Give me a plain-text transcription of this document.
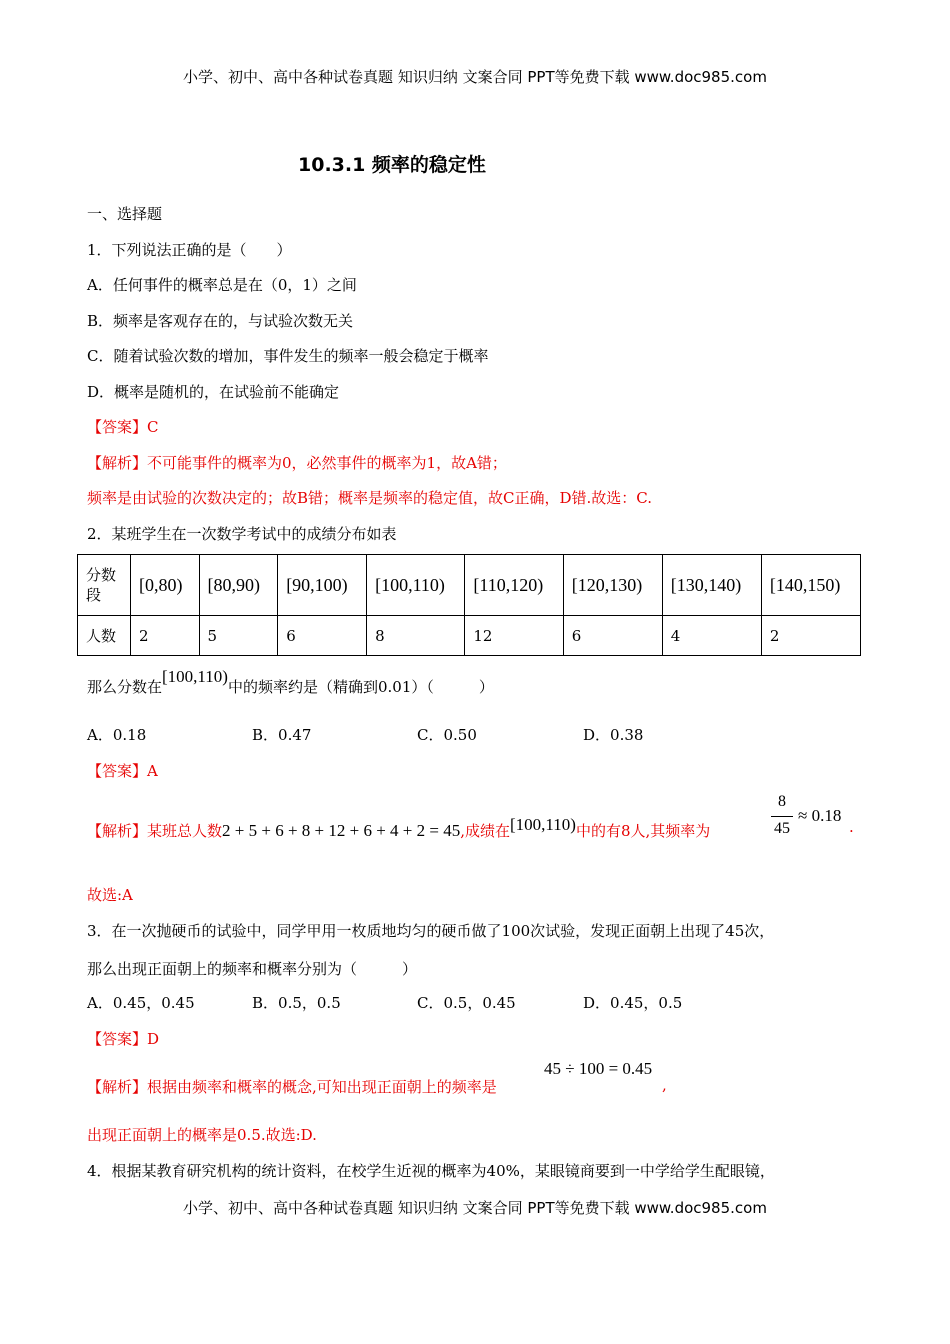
小学、初中、高中各种试卷真题 知识归纳 文案合同 PPT等免费下载 www.doc985.com
10.3.1 频率的稳定性
一、选择题
1．下列说法正确的是（　　）
A．任何事件的概率总是在（0，1）之间
B．频率是客观存在的，与试验次数无关
C．随着试验次数的增加，事件发生的频率一般会稳定于概率
D．概率是随机的，在试验前不能确定
【答案】C
【解析】不可能事件的概率为0，必然事件的概率为1，故A错；
频率是由试验的次数决定的；故B错；概率是频率的稳定值，故C正确，D错.故选：C.
2．某班学生在一次数学考试中的成绩分布如表
分数段	[0,80)	[80,90)	[90,100)	[100,110)	[110,120)	[120,130)	[130,140)	[140,150)
人数	2	5	6	8	12	6	4	2
那么分数在[100,110)中的频率约是（精确到0.01）（　　　）
A．0.18	B．0.47	C．0.50	D．0.38
【答案】A
【解析】某班总人数2 + 5 + 6 + 8 + 12 + 6 + 4 + 2 = 45,成绩在[100,110)中的有8人,其频率为
8
45
≈ 0.18
.
故选:A
3．在一次抛硬币的试验中，同学甲用一枚质地均匀的硬币做了100次试验，发现正面朝上出现了45次，
那么出现正面朝上的频率和概率分别为（　　　）
A．0.45，0.45	B．0.5，0.5	C．0.5，0.45	D．0.45，0.5
【答案】D
【解析】根据由频率和概率的概念,可知出现正面朝上的频率是
45 ÷ 100 = 0.45
,
出现正面朝上的概率是0.5.故选:D.
4．根据某教育研究机构的统计资料，在校学生近视的概率为40%，某眼镜商要到一中学给学生配眼镜，
小学、初中、高中各种试卷真题 知识归纳 文案合同 PPT等免费下载 www.doc985.com
